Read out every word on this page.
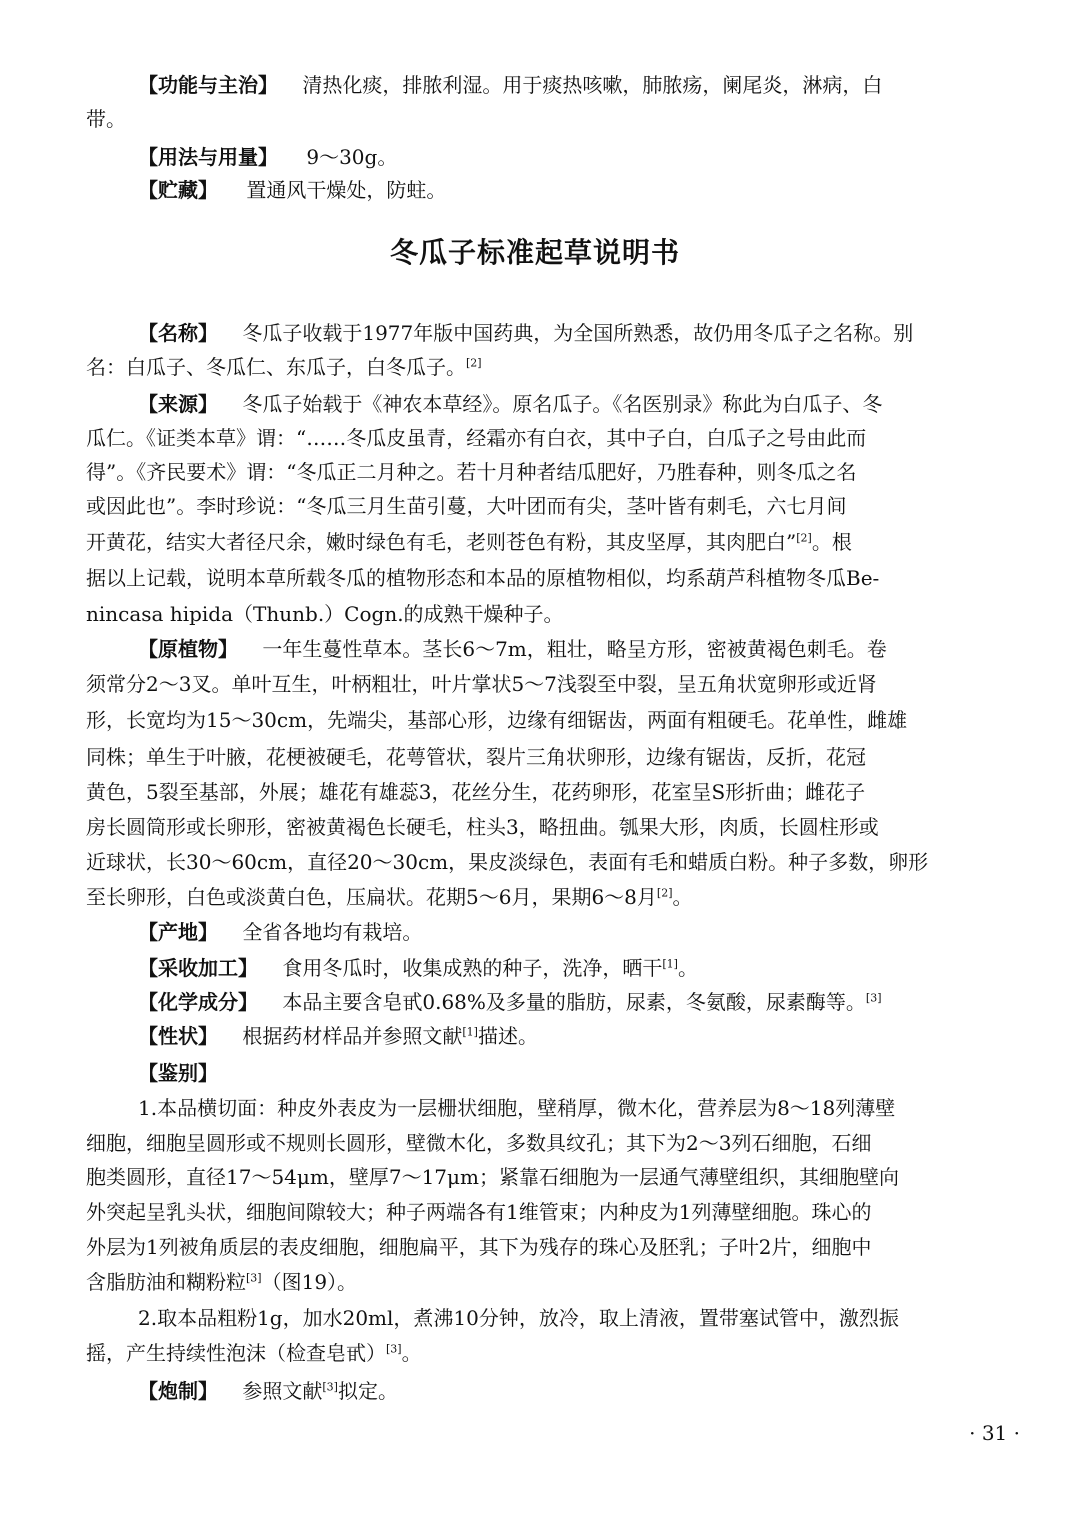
【功能与主治】 清热化痰，排脓利湿。用于痰热咳嗽，肺脓疡，阑尾炎，淋病，白
带。
【用法与用量】 9～30g。
【贮藏】 置通风干燥处，防蛀。
冬瓜子标准起草说明书
【名称】 冬瓜子收载于1977年版中国药典，为全国所熟悉，故仍用冬瓜子之名称。别
名：白瓜子、冬瓜仁、东瓜子，白冬瓜子。[2]
【来源】 冬瓜子始载于《神农本草经》。原名瓜子。《名医别录》称此为白瓜子、冬
瓜仁。《证类本草》谓：“……冬瓜皮虽青，经霜亦有白衣，其中子白，白瓜子之号由此而
得”。《齐民要术》谓：“冬瓜正二月种之。若十月种者结瓜肥好，乃胜春种，则冬瓜之名
或因此也”。李时珍说：“冬瓜三月生苗引蔓，大叶团而有尖，茎叶皆有刺毛，六七月间
开黄花，结实大者径尺余，嫩时绿色有毛，老则苍色有粉，其皮坚厚，其肉肥白”[2]。根
据以上记载，说明本草所载冬瓜的植物形态和本品的原植物相似，均系葫芦科植物冬瓜Be-
nincasa hipida（Thunb.）Cogn.的成熟干燥种子。
【原植物】 一年生蔓性草本。茎长6～7m，粗壮，略呈方形，密被黄褐色刺毛。卷
须常分2～3叉。单叶互生，叶柄粗壮，叶片掌状5～7浅裂至中裂，呈五角状宽卵形或近肾
形，长宽均为15～30cm，先端尖，基部心形，边缘有细锯齿，两面有粗硬毛。花单性，雌雄
同株；单生于叶腋，花梗被硬毛，花萼管状，裂片三角状卵形，边缘有锯齿，反折，花冠
黄色，5裂至基部，外展；雄花有雄蕊3，花丝分生，花药卵形，花室呈S形折曲；雌花子
房长圆筒形或长卵形，密被黄褐色长硬毛，柱头3，略扭曲。瓠果大形，肉质，长圆柱形或
近球状，长30～60cm，直径20～30cm，果皮淡绿色，表面有毛和蜡质白粉。种子多数，卵形
至长卵形，白色或淡黄白色，压扁状。花期5～6月，果期6～8月[2]。
【产地】 全省各地均有栽培。
【采收加工】 食用冬瓜时，收集成熟的种子，洗净，晒干[1]。
【化学成分】 本品主要含皂甙0.68%及多量的脂肪，尿素，冬氨酸，尿素酶等。[3]
【性状】 根据药材样品并参照文献[1]描述。
【鉴别】
1.本品横切面：种皮外表皮为一层栅状细胞，壁稍厚，微木化，营养层为8～18列薄壁
细胞，细胞呈圆形或不规则长圆形，壁微木化，多数具纹孔；其下为2～3列石细胞，石细
胞类圆形，直径17～54μm，壁厚7～17μm；紧靠石细胞为一层通气薄壁组织，其细胞壁向
外突起呈乳头状，细胞间隙较大；种子两端各有1维管束；内种皮为1列薄壁细胞。珠心的
外层为1列被角质层的表皮细胞，细胞扁平，其下为残存的珠心及胚乳；子叶2片，细胞中
含脂肪油和糊粉粒[3]（图19）。
2.取本品粗粉1g，加水20ml，煮沸10分钟，放冷，取上清液，置带塞试管中，激烈振
摇，产生持续性泡沫（检查皂甙）[3]。
【炮制】 参照文献[3]拟定。
· 31 ·
